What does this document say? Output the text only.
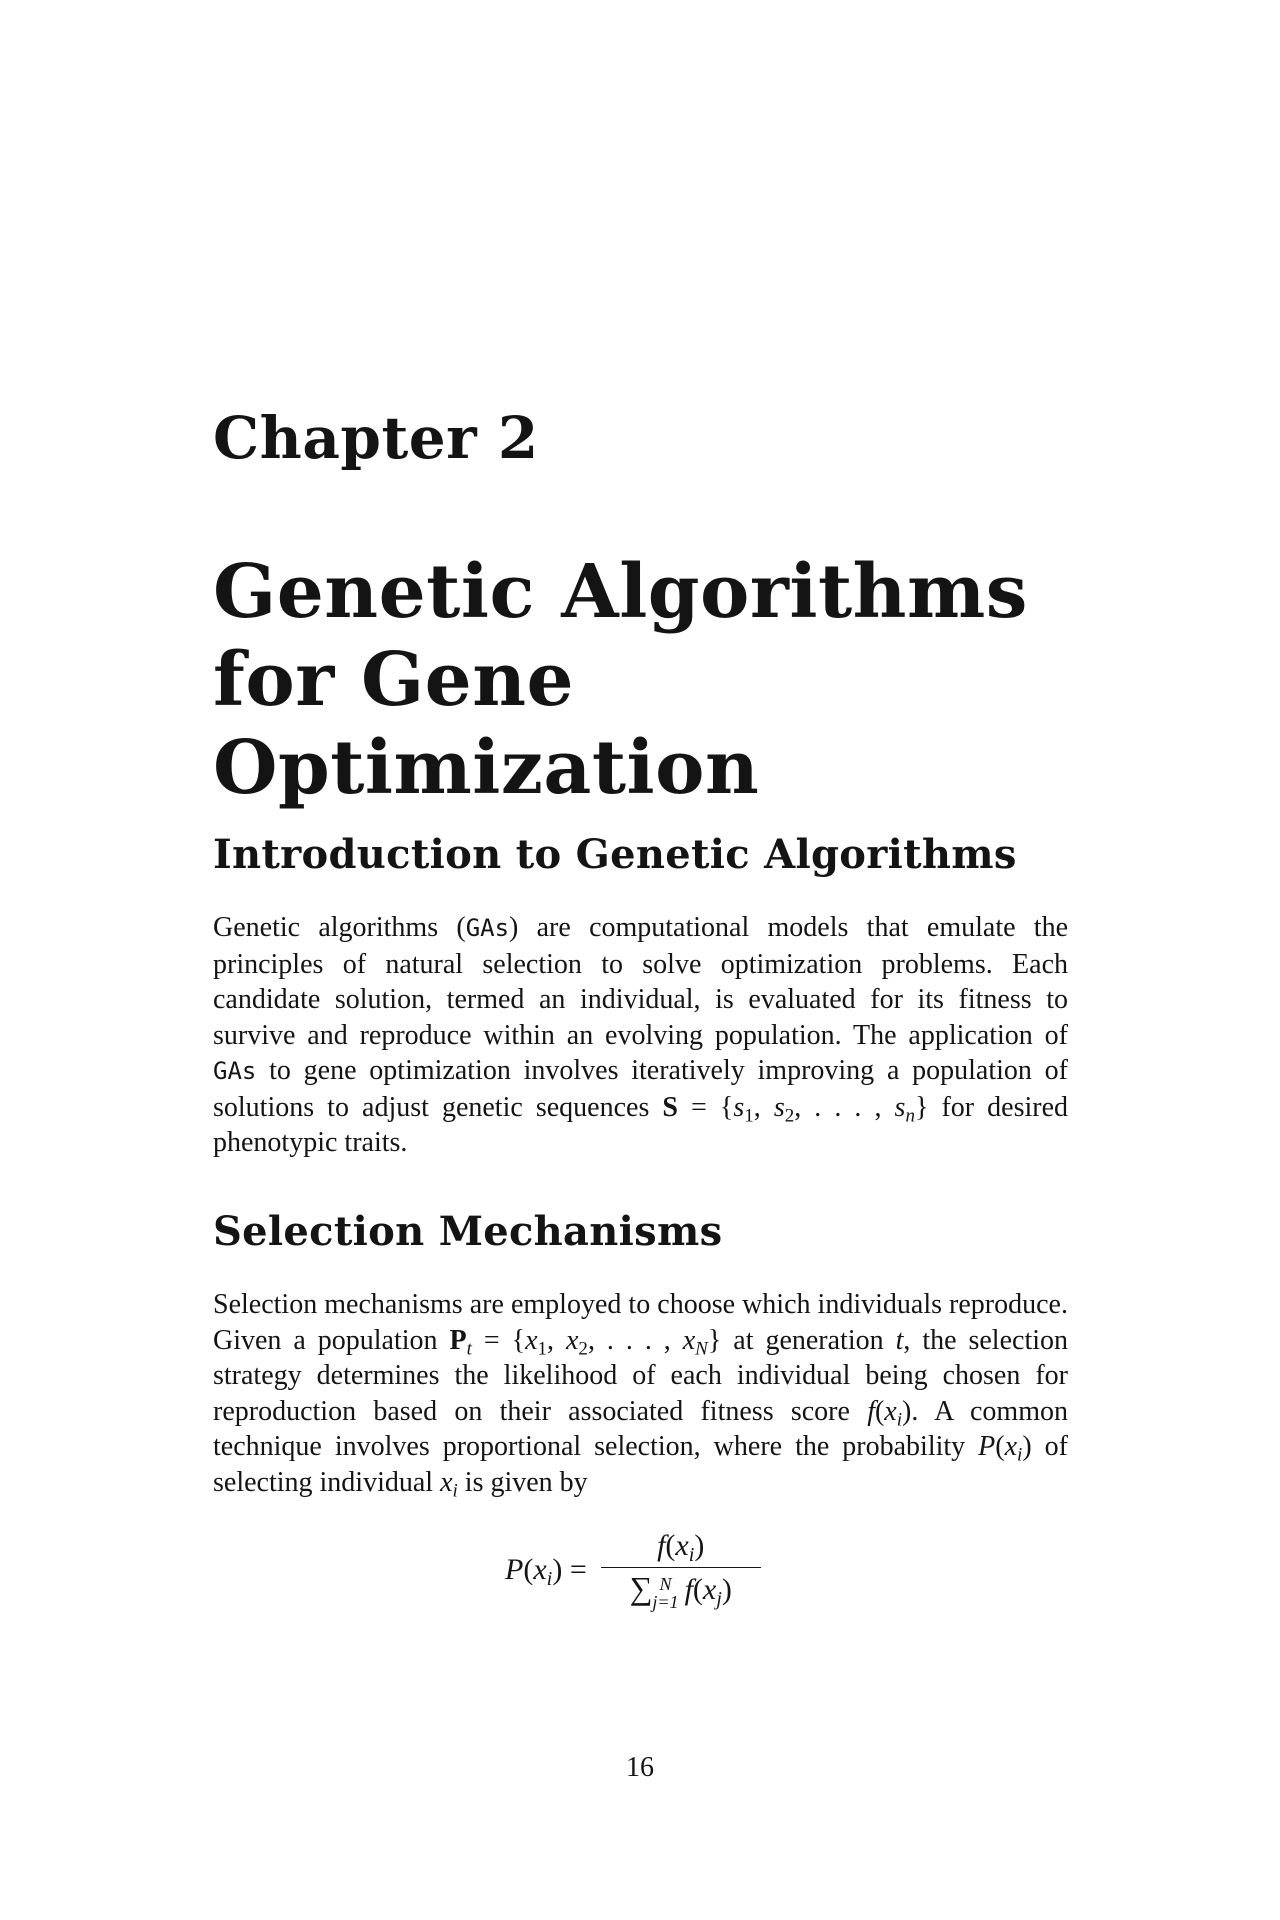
Chapter 2
Genetic Algorithms for Gene Optimization
Introduction to Genetic Algorithms

Genetic algorithms (GAs) are computational models that emulate the principles of natural selection to solve optimization problems. Each candidate solution, termed an individual, is evaluated for its fitness to survive and reproduce within an evolving population. The application of GAs to gene optimization involves iteratively improving a population of solutions to adjust genetic sequences $S = \{s_1$, $s_2$, . . . , $s_n$} for desired phenotypic traits.

Selection Mechanisms

Selection mechanisms are employed to choose which individuals reproduce. Given a population $P_t = \{x_1$, $x_2$, . . . , $x_N$} at generation t, the selection strategy determines the likelihood of each individual being chosen for reproduction based on their associated fitness score $f(x_i)$. A common technique involves proportional selection, where the probability $P(x_i)$ of selecting individual $x_i$ is given by

$P(x_i) = f(x_i)$
∑ N
j=1 $f(x_j)$
16
